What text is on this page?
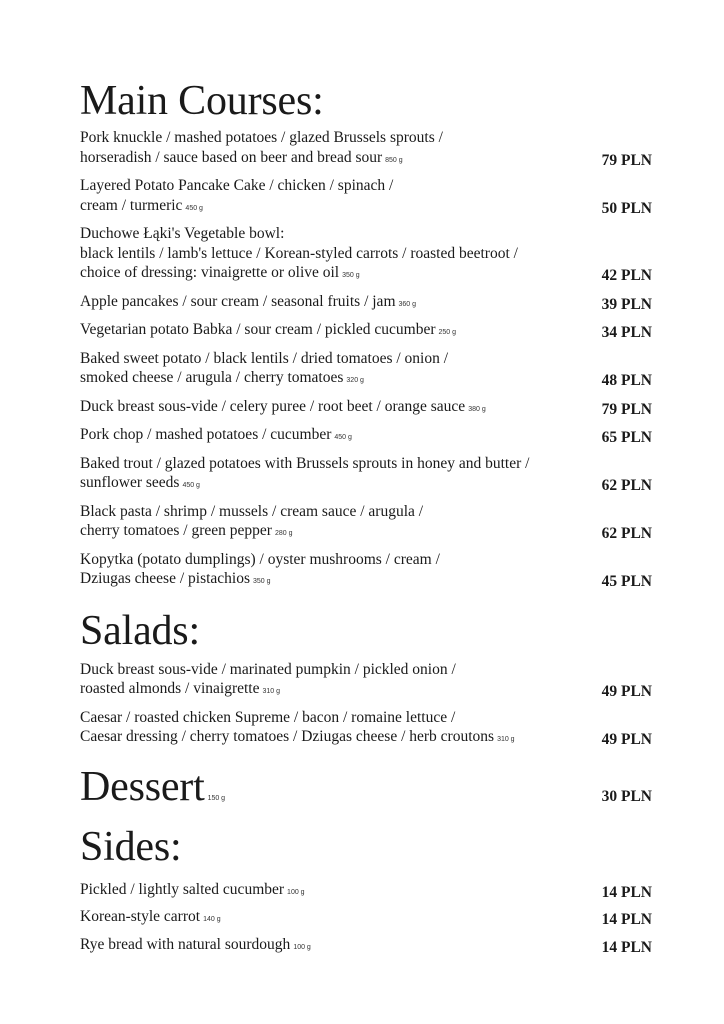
Main Courses:
Pork knuckle / mashed potatoes / glazed Brussels sprouts /
horseradish / sauce based on beer and bread sour 850 g	79 PLN
Layered Potato Pancake Cake / chicken / spinach /
cream / turmeric 450 g	50 PLN
Duchowe Łąki's Vegetable bowl:
black lentils / lamb's lettuce / Korean-styled carrots / roasted beetroot /
choice of dressing: vinaigrette or olive oil 350 g	42 PLN
Apple pancakes / sour cream / seasonal fruits / jam 360 g	39 PLN
Vegetarian potato Babka / sour cream / pickled cucumber 250 g	34 PLN
Baked sweet potato / black lentils / dried tomatoes / onion /
smoked cheese / arugula / cherry tomatoes 320 g	48 PLN
Duck breast sous-vide / celery puree / root beet / orange sauce 380 g	79 PLN
Pork chop / mashed potatoes / cucumber 450 g	65 PLN
Baked trout / glazed potatoes with Brussels sprouts in honey and butter /
sunflower seeds 450 g	62 PLN
Black pasta / shrimp / mussels / cream sauce / arugula /
cherry tomatoes / green pepper 280 g	62 PLN
Kopytka (potato dumplings) / oyster mushrooms / cream /
Dziugas cheese / pistachios 350 g	45 PLN
Salads:
Duck breast sous-vide / marinated pumpkin / pickled onion /
roasted almonds / vinaigrette 310 g	49 PLN
Caesar / roasted chicken Supreme / bacon / romaine lettuce /
Caesar dressing / cherry tomatoes / Dziugas cheese / herb croutons 310 g	49 PLN
Dessert 150 g	30 PLN
Sides:
Pickled / lightly salted cucumber 100 g	14 PLN
Korean-style carrot 140 g	14 PLN
Rye bread with natural sourdough 100 g	14 PLN
